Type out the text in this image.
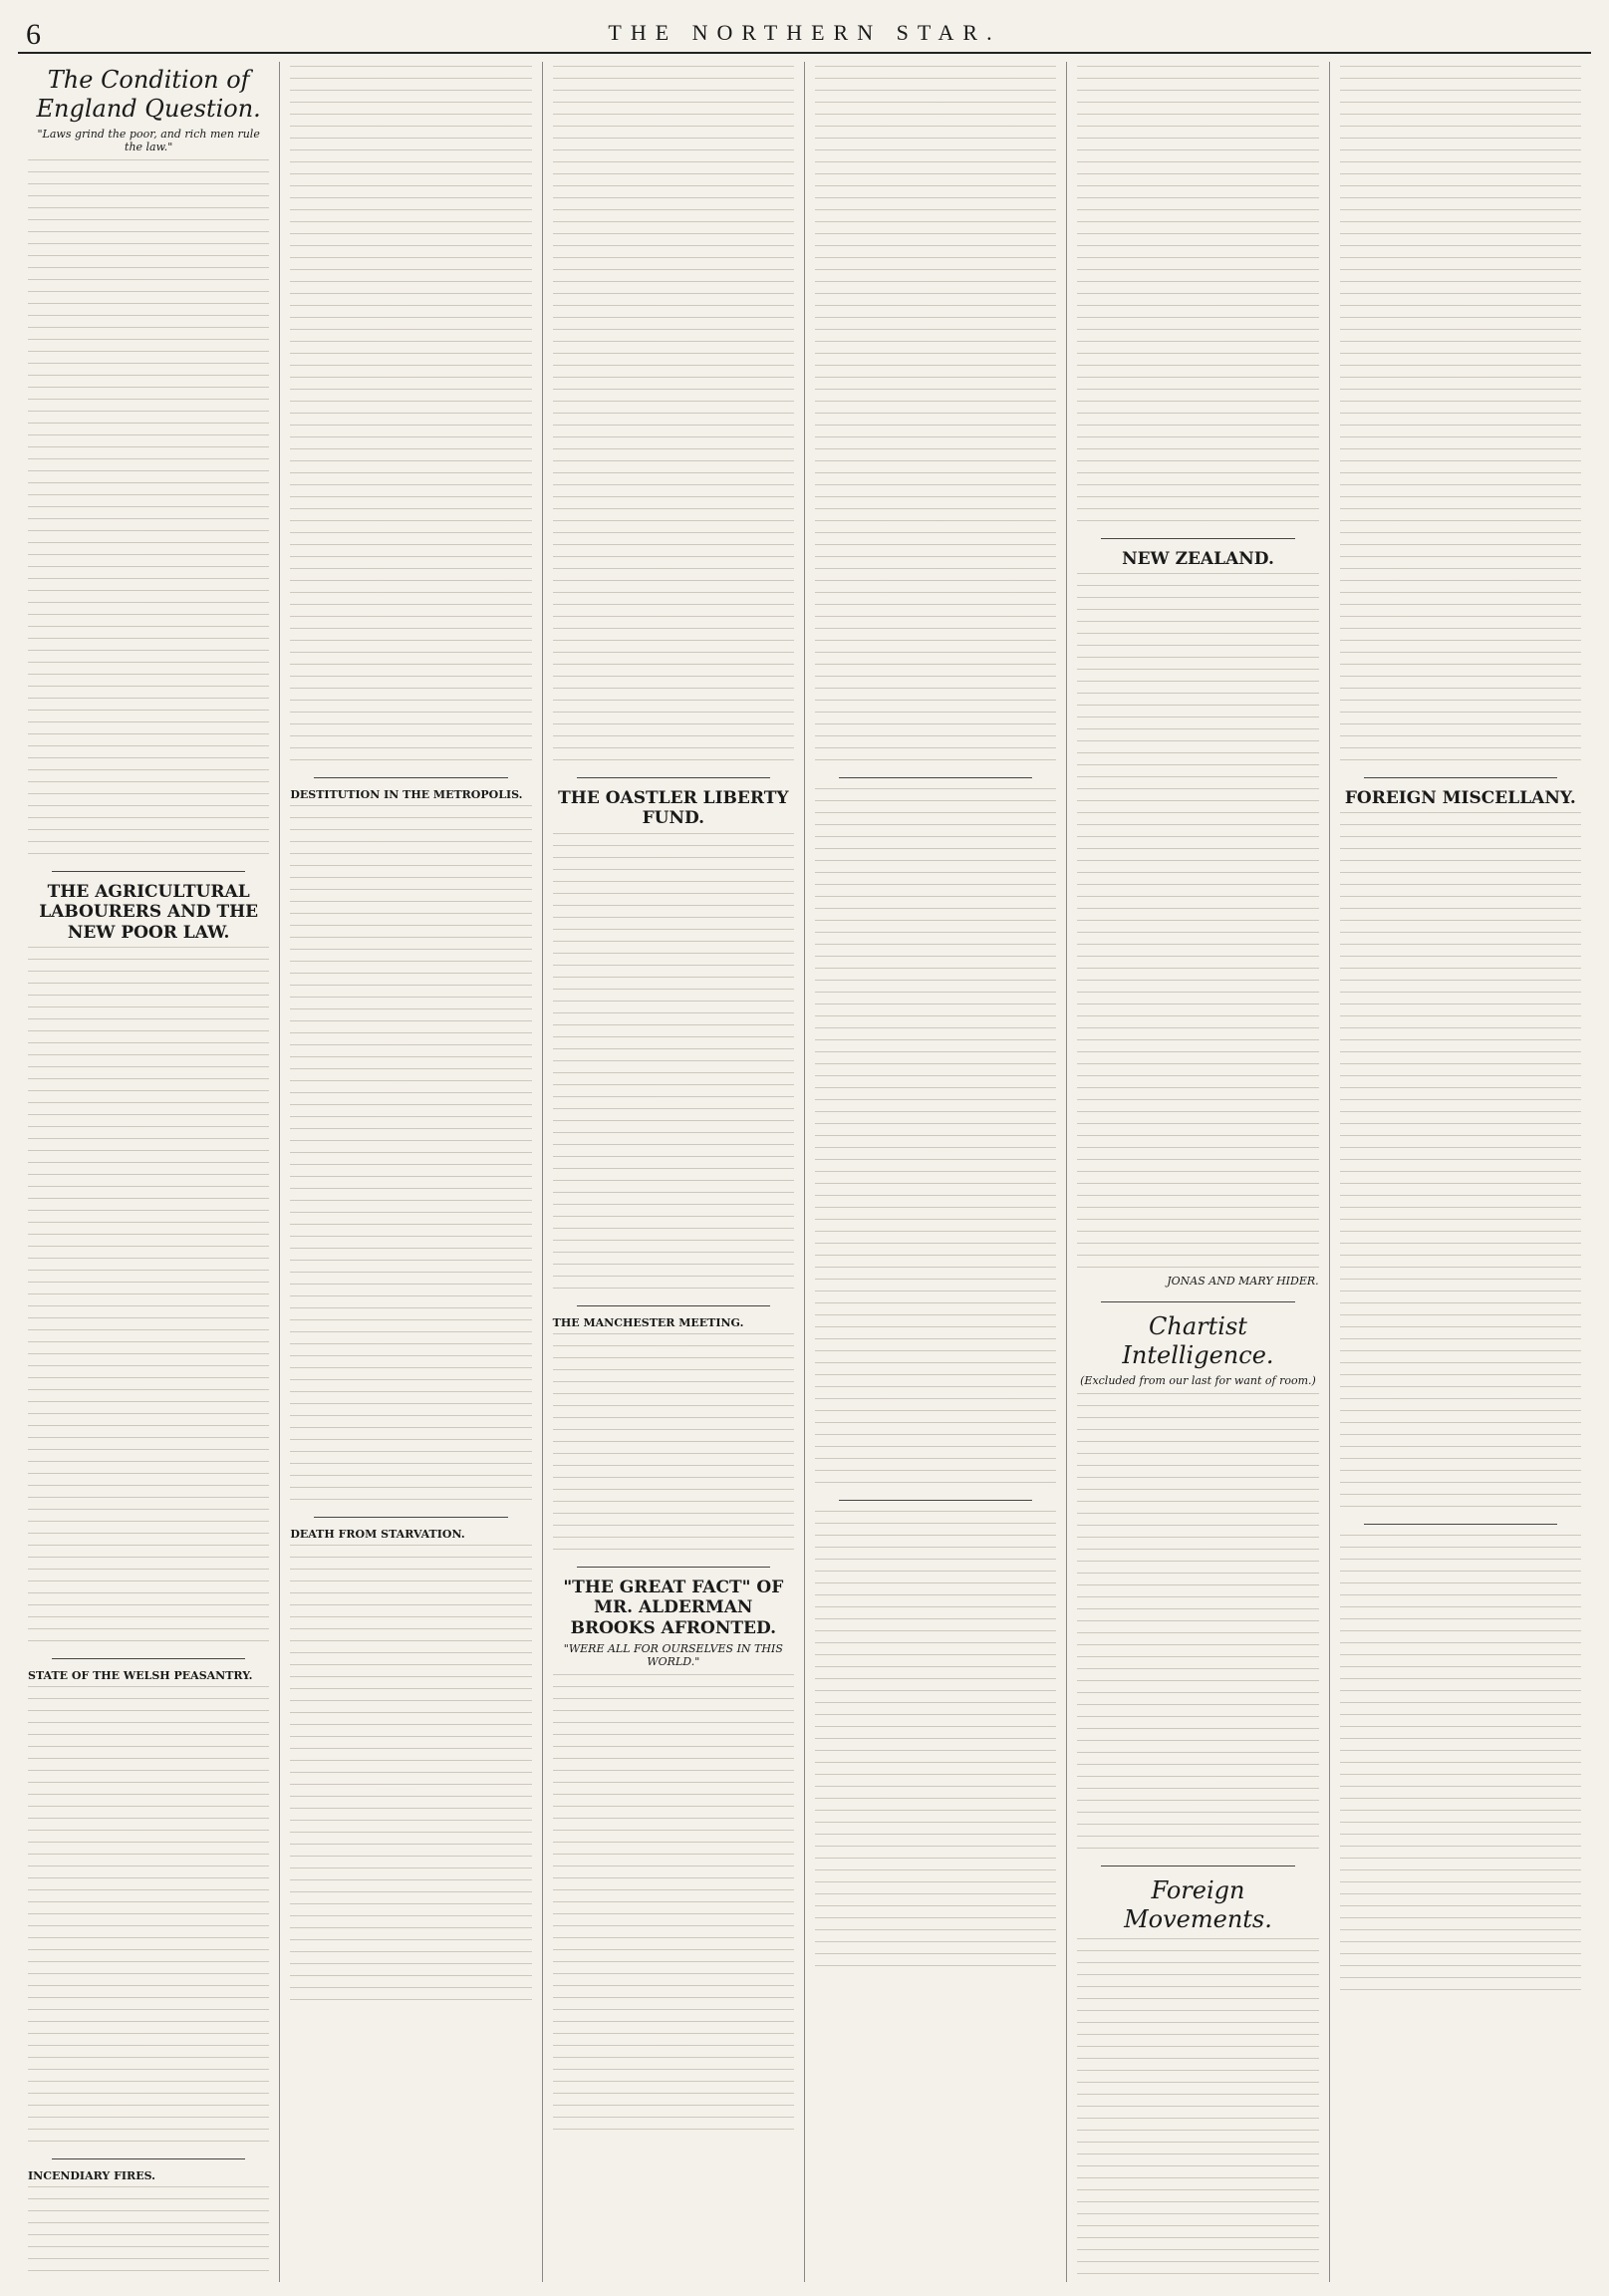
6	THE NORTHERN STAR.
The Condition of England Question.
"Laws grind the poor, and rich men rule the law."
THE AGRICULTURAL LABOURERS AND THE NEW POOR LAW.
STATE OF THE WELSH PEASANTRY.
INCENDIARY FIRES.
DESTITUTION IN THE METROPOLIS.
DEATH FROM STARVATION.
THE OASTLER LIBERTY FUND.
THE MANCHESTER MEETING.
"THE GREAT FACT" OF MR. ALDERMAN BROOKS AFRONTED.
"WERE ALL FOR OURSELVES IN THIS WORLD."
NEW ZEALAND.
JONAS AND MARY HIDER.
Chartist Intelligence.
(Excluded from our last for want of room.)
Foreign Movements.
FOREIGN MISCELLANY.
